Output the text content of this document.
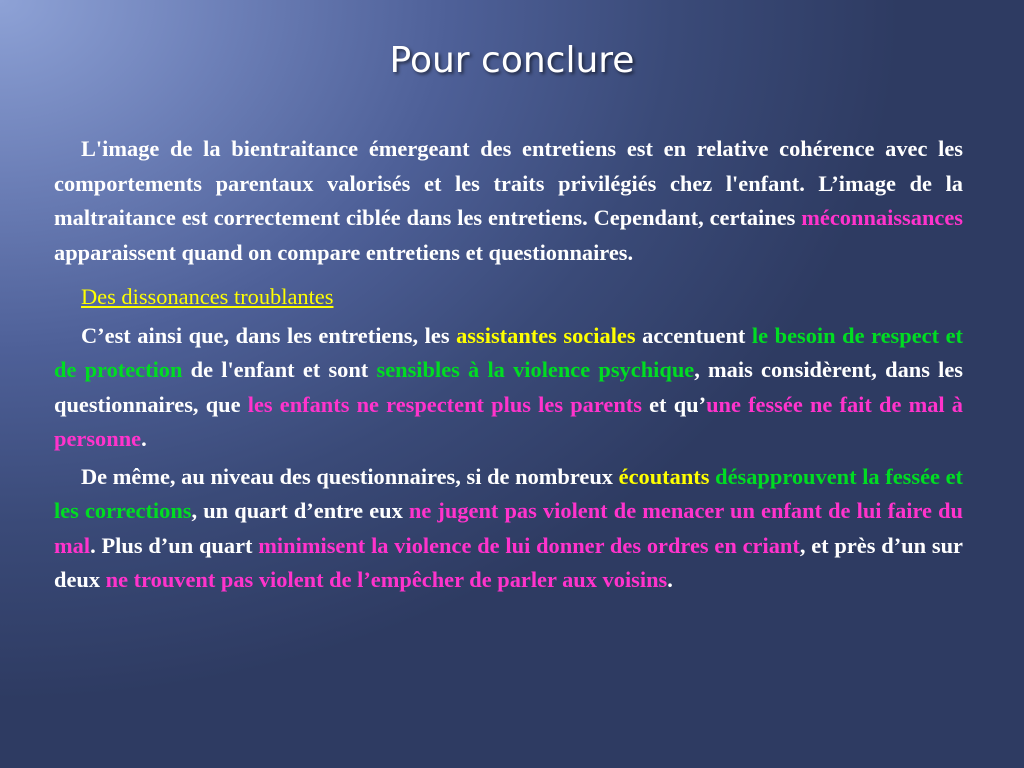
Pour conclure

L'image de la bientraitance émergeant des entretiens est en relative cohérence avec les comportements parentaux valorisés et les traits privilégiés chez l'enfant. L’image de la maltraitance est correctement ciblée dans les entretiens. Cependant, certaines méconnaissances apparaissent quand on compare entretiens et questionnaires.

Des dissonances troublantes

C’est ainsi que, dans les entretiens, les assistantes sociales accentuent le besoin de respect et de protection de l'enfant et sont sensibles à la violence psychique, mais considèrent, dans les questionnaires, que les enfants ne respectent plus les parents et qu’une fessée ne fait de mal à personne.

De même, au niveau des questionnaires, si de nombreux écoutants désapprouvent la fessée et les corrections, un quart d’entre eux ne jugent pas violent de menacer un enfant de lui faire du mal. Plus d’un quart minimisent la violence de lui donner des ordres en criant, et près d’un sur deux ne trouvent pas violent de l’empêcher de parler aux voisins.
